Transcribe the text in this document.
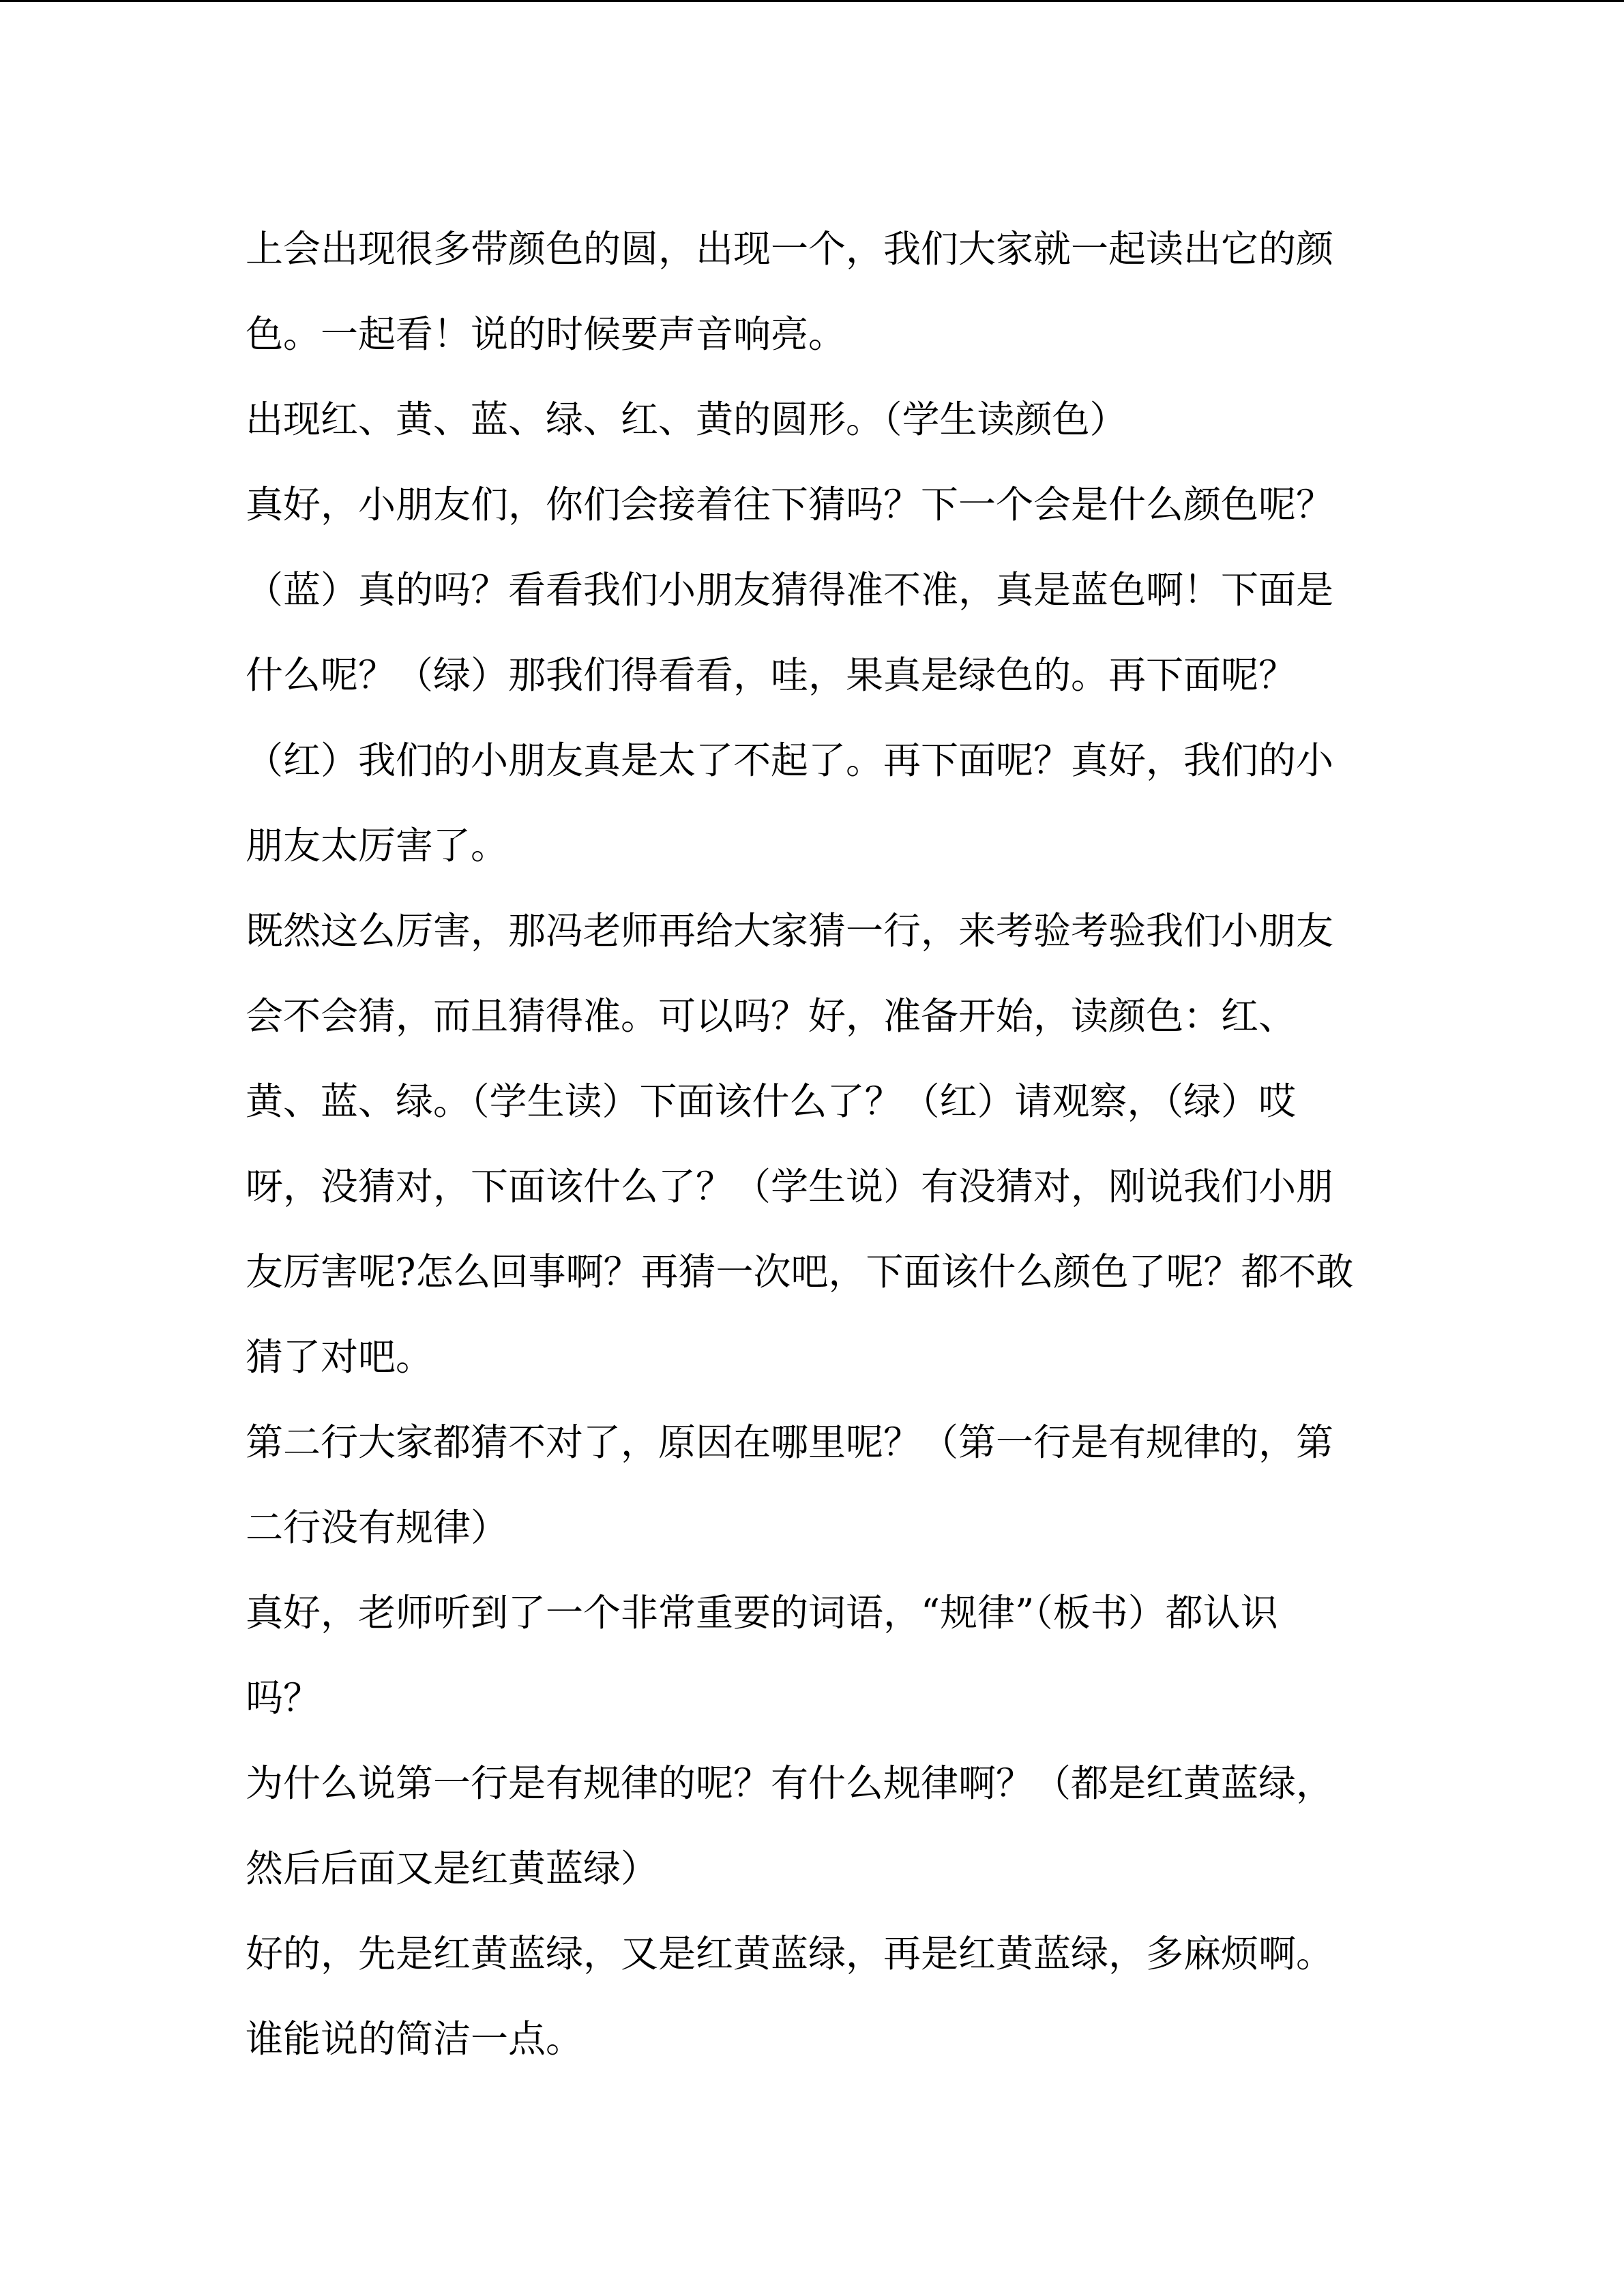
上会出现很多带颜色的圆，出现一个，我们大家就一起读出它的颜
色。一起看！说的时候要声音响亮。
出现红、黄、蓝、绿、红、黄的圆形。（学生读颜色）
真好，小朋友们，你们会接着往下猜吗？下一个会是什么颜色呢？
（蓝）真的吗？看看我们小朋友猜得准不准，真是蓝色啊！下面是
什么呢？（绿）那我们得看看，哇，果真是绿色的。再下面呢？
（红）我们的小朋友真是太了不起了。再下面呢？真好，我们的小
朋友太厉害了。
既然这么厉害，那冯老师再给大家猜一行，来考验考验我们小朋友
会不会猜，而且猜得准。可以吗？好，准备开始，读颜色：红、
黄、蓝、绿。（学生读）下面该什么了？（红）请观察，（绿）哎
呀，没猜对，下面该什么了？（学生说）有没猜对，刚说我们小朋
友厉害呢?怎么回事啊？再猜一次吧，下面该什么颜色了呢？都不敢
猜了对吧。
第二行大家都猜不对了，原因在哪里呢？（第一行是有规律的，第
二行没有规律）
真好，老师听到了一个非常重要的词语，“规律”（板书）都认识
吗？
为什么说第一行是有规律的呢？有什么规律啊？（都是红黄蓝绿，
然后后面又是红黄蓝绿）
好的，先是红黄蓝绿，又是红黄蓝绿，再是红黄蓝绿，多麻烦啊。
谁能说的简洁一点。
